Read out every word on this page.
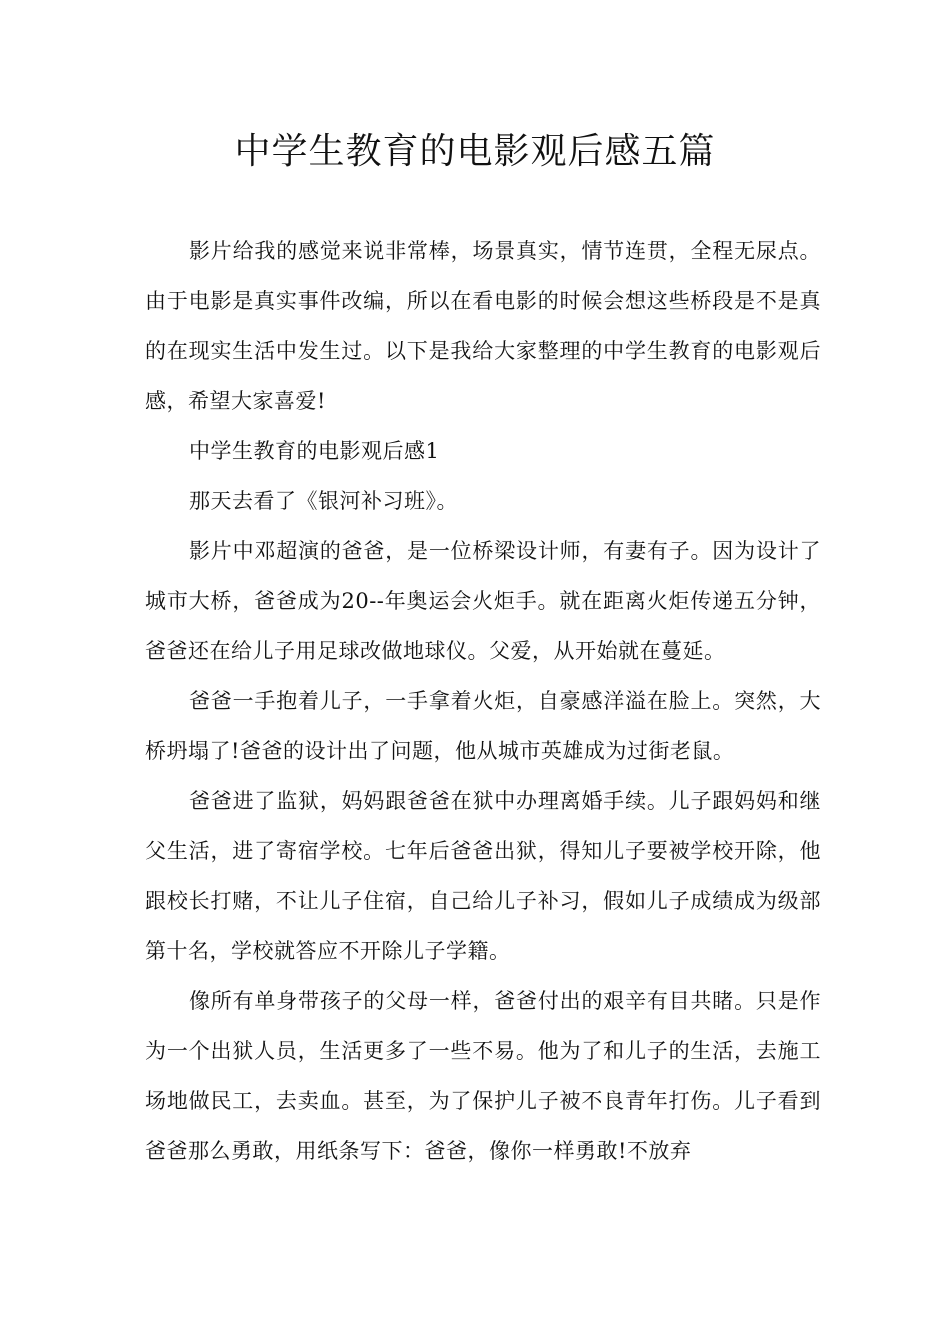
中学生教育的电影观后感五篇

影片给我的感觉来说非常棒，场景真实，情节连贯，全程无尿点。由于电影是真实事件改编，所以在看电影的时候会想这些桥段是不是真的在现实生活中发生过。以下是我给大家整理的中学生教育的电影观后感，希望大家喜爱!

中学生教育的电影观后感1

那天去看了《银河补习班》。

影片中邓超演的爸爸，是一位桥梁设计师，有妻有子。因为设计了城市大桥，爸爸成为20--年奥运会火炬手。就在距离火炬传递五分钟，爸爸还在给儿子用足球改做地球仪。父爱，从开始就在蔓延。

爸爸一手抱着儿子，一手拿着火炬，自豪感洋溢在脸上。突然，大桥坍塌了!爸爸的设计出了问题，他从城市英雄成为过街老鼠。

爸爸进了监狱，妈妈跟爸爸在狱中办理离婚手续。儿子跟妈妈和继父生活，进了寄宿学校。七年后爸爸出狱，得知儿子要被学校开除，他跟校长打赌，不让儿子住宿，自己给儿子补习，假如儿子成绩成为级部第十名，学校就答应不开除儿子学籍。

像所有单身带孩子的父母一样，爸爸付出的艰辛有目共睹。只是作为一个出狱人员，生活更多了一些不易。他为了和儿子的生活，去施工场地做民工，去卖血。甚至，为了保护儿子被不良青年打伤。儿子看到爸爸那么勇敢，用纸条写下：爸爸，像你一样勇敢!不放弃
